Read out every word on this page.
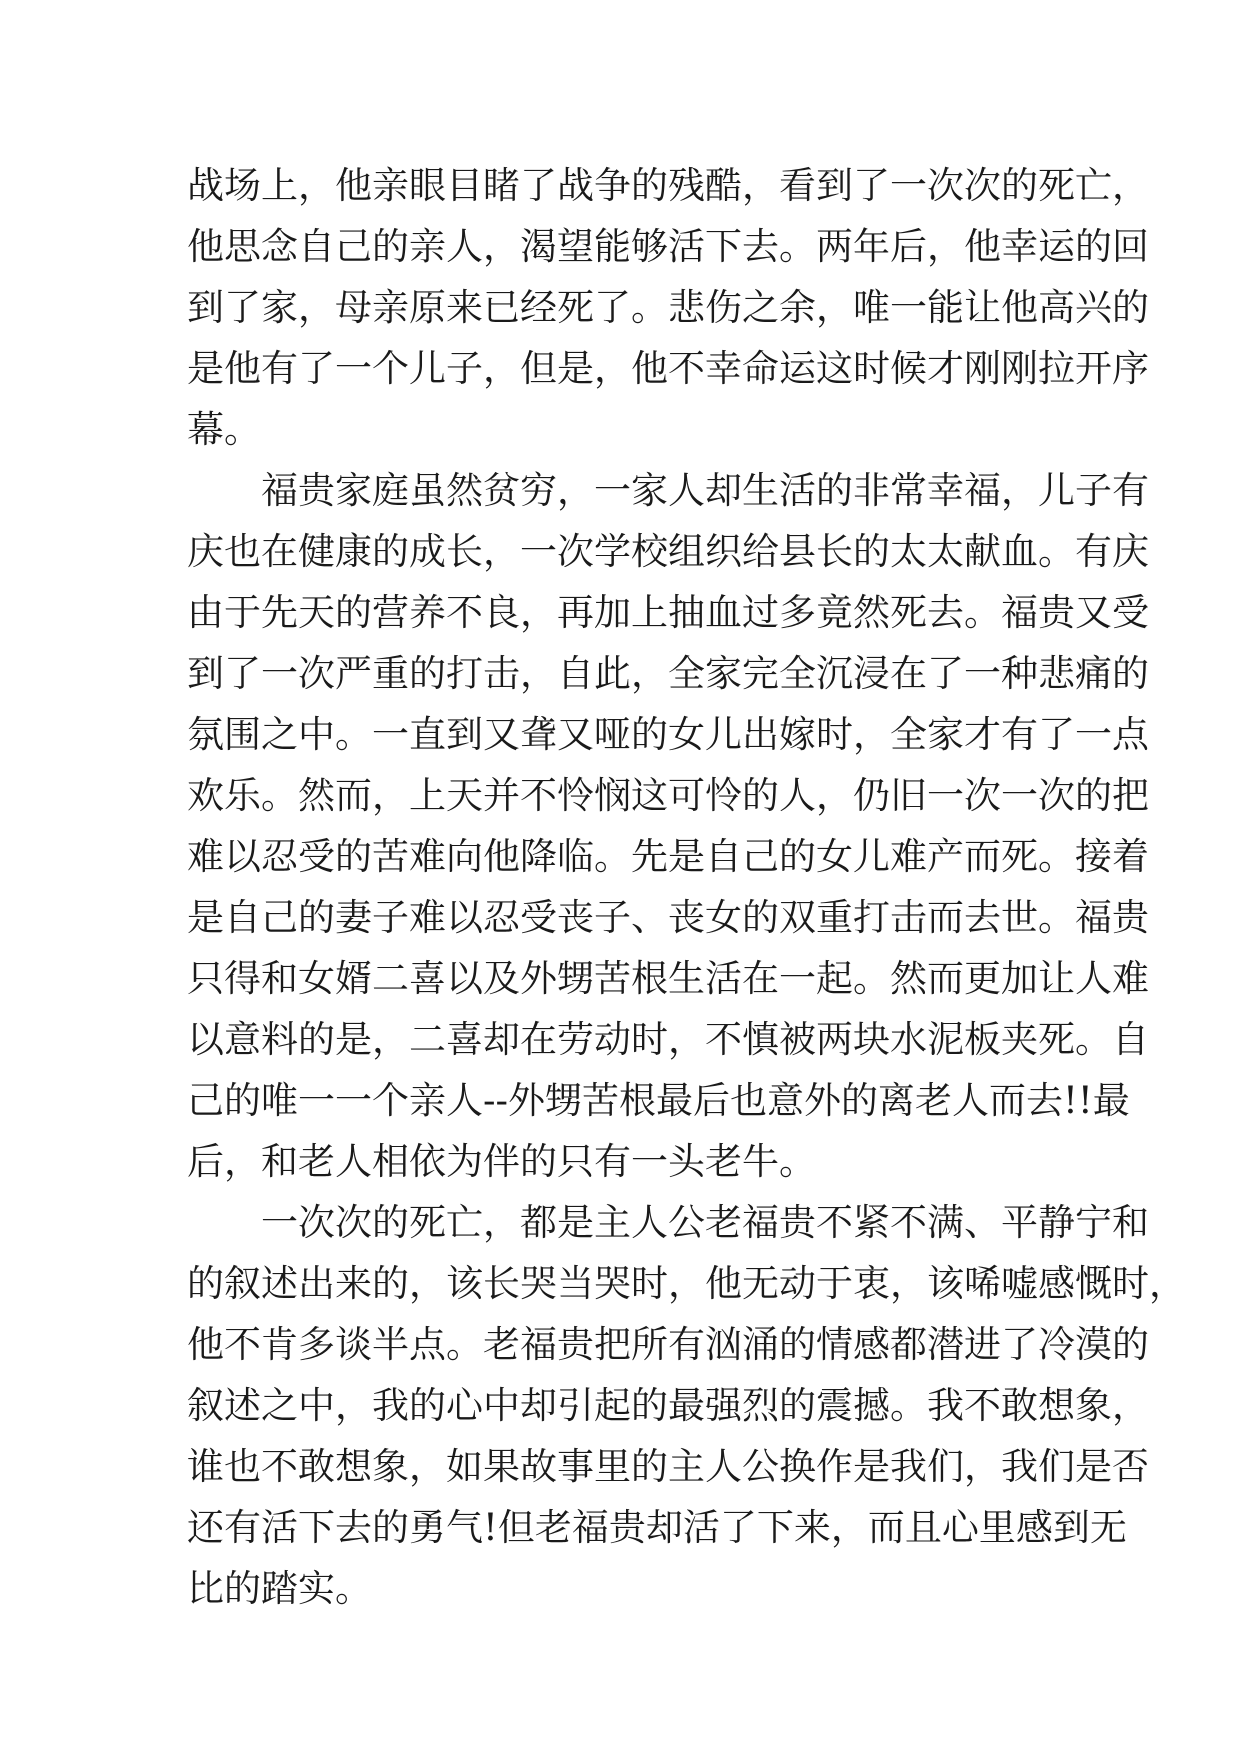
战场上，他亲眼目睹了战争的残酷，看到了一次次的死亡，
他思念自己的亲人，渴望能够活下去。两年后，他幸运的回
到了家，母亲原来已经死了。悲伤之余，唯一能让他高兴的
是他有了一个儿子，但是，他不幸命运这时候才刚刚拉开序
幕。
福贵家庭虽然贫穷，一家人却生活的非常幸福，儿子有
庆也在健康的成长，一次学校组织给县长的太太献血。有庆
由于先天的营养不良，再加上抽血过多竟然死去。福贵又受
到了一次严重的打击，自此，全家完全沉浸在了一种悲痛的
氛围之中。一直到又聋又哑的女儿出嫁时，全家才有了一点
欢乐。然而，上天并不怜悯这可怜的人，仍旧一次一次的把
难以忍受的苦难向他降临。先是自己的女儿难产而死。接着
是自己的妻子难以忍受丧子、丧女的双重打击而去世。福贵
只得和女婿二喜以及外甥苦根生活在一起。然而更加让人难
以意料的是，二喜却在劳动时，不慎被两块水泥板夹死。自
己的唯一一个亲人--外甥苦根最后也意外的离老人而去!!最
后，和老人相依为伴的只有一头老牛。
一次次的死亡，都是主人公老福贵不紧不满、平静宁和
的叙述出来的，该长哭当哭时，他无动于衷，该唏嘘感慨时，
他不肯多谈半点。老福贵把所有汹涌的情感都潜进了冷漠的
叙述之中，我的心中却引起的最强烈的震撼。我不敢想象，
谁也不敢想象，如果故事里的主人公换作是我们，我们是否
还有活下去的勇气!但老福贵却活了下来，而且心里感到无
比的踏实。
